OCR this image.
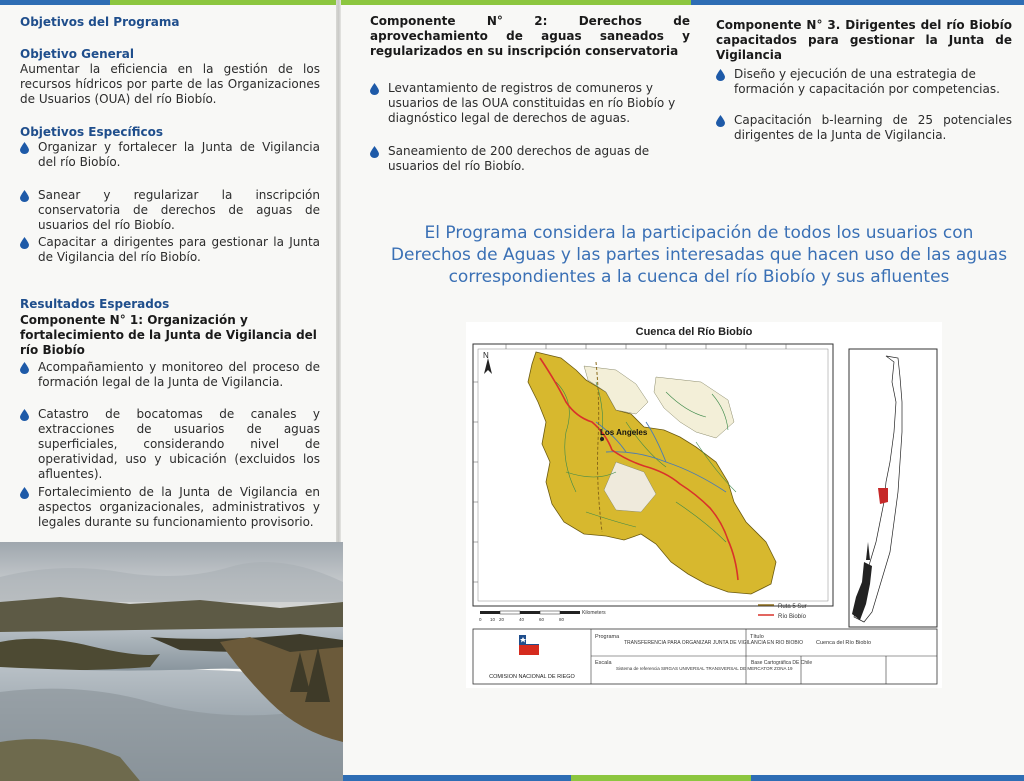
Objetivos del Programa
Objetivo General
Aumentar la eficiencia en la gestión de los recursos hídricos por parte de las Organizaciones de Usuarios (OUA) del río Biobío.
Objetivos Específicos
Organizar y fortalecer la Junta de Vigilancia del río Biobío.
Sanear y regularizar la inscripción conservatoria de derechos de aguas de usuarios del río Biobío.
Capacitar a dirigentes para gestionar la Junta de Vigilancia del río Biobío.
Resultados Esperados
Componente N° 1: Organización y fortalecimiento de la Junta de Vigilancia del río Biobío
Acompañamiento y monitoreo del proceso de formación legal de la Junta de Vigilancia.
Catastro de bocatomas de canales y extracciones de usuarios de aguas superficiales, considerando nivel de operatividad, uso y ubicación (excluidos los afluentes).
Fortalecimiento de la Junta de Vigilancia en aspectos organizacionales, administrativos y legales durante su funcionamiento provisorio.
Componente N° 2: Derechos de aprovechamiento de aguas saneados y regularizados en su inscripción conservatoria
Levantamiento de registros de comuneros y usuarios de las OUA constituidas en río Biobío y diagnóstico legal de derechos de aguas.
Saneamiento de 200 derechos de aguas de usuarios del río Biobío.
Componente N° 3. Dirigentes del río Biobío capacitados para gestionar la Junta de Vigilancia
Diseño y ejecución de una estrategia de formación y capacitación por competencias.
Capacitación b-learning de 25 potenciales dirigentes de la Junta de Vigilancia.
El Programa considera la participación de todos los usuarios con Derechos de Aguas y las partes interesadas que hacen uso de las aguas correspondientes a la cuenca del río Biobío y sus afluentes
Cuenca del Río Biobío
N
Los Angeles
Ruta 5 Sur
Río Biobío
Kilometers
0 10 20	40	60	80
COMISION NACIONAL DE RIEGO
Programa
TRANSFERENCIA PARA ORGANIZAR JUNTA DE VIGILANCIA EN RIO BIOBIO
Título
Cuenca del Río Biobío
Escala
Sistema de referencia SIRGAS UNIVERSAL TRANSVERSAL DE MERCATOR ZONA 19
Base Cartográfica DE Chile
